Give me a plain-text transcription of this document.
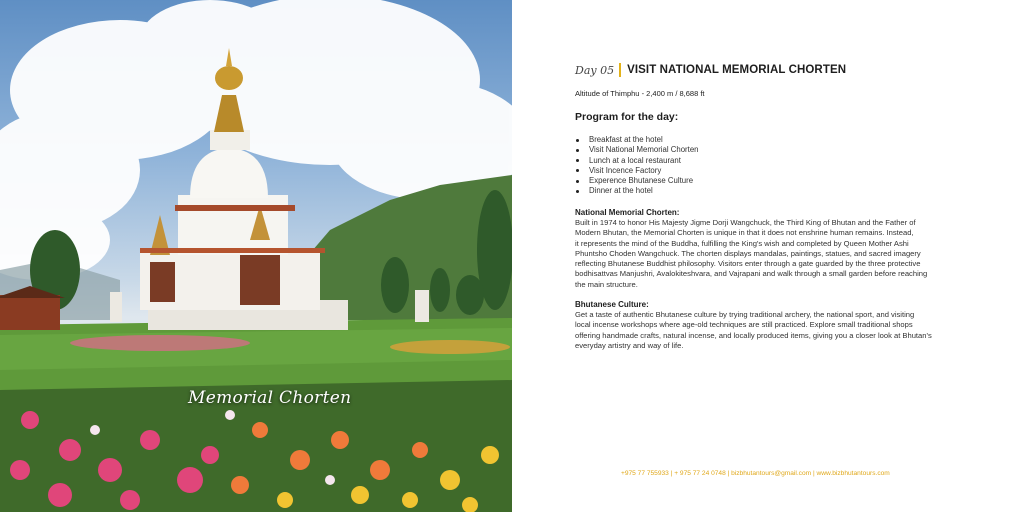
Memorial Chorten
Day 05 VISIT NATIONAL MEMORIAL CHORTEN
Altitude of Thimphu - 2,400 m / 8,688 ft
Program for the day:
Breakfast at the hotel
Visit National Memorial Chorten
Lunch at a local restaurant
Visit Incence Factory
Experence Bhutanese Culture
Dinner at the hotel
National Memorial Chorten:
Built in 1974 to honor His Majesty Jigme Dorji Wangchuck, the Third King of Bhutan and the Father of
Modern Bhutan, the Memorial Chorten is unique in that it does not enshrine human remains. Instead,
it represents the mind of the Buddha, fulfilling the King's wish and completed by Queen Mother Ashi
Phuntsho Choden Wangchuck. The chorten displays mandalas, paintings, statues, and sacred imagery
reflecting Bhutanese Buddhist philosophy. Visitors enter through a gate guarded by the three protective
bodhisattvas Manjushri, Avalokiteshvara, and Vajrapani and walk through a small garden before reaching
the main structure.
Bhutanese Culture:
Get a taste of authentic Bhutanese culture by trying traditional archery, the national sport, and visiting
local incense workshops where age-old techniques are still practiced. Explore small traditional shops
offering handmade crafts, natural incense, and locally produced items, giving you a closer look at Bhutan's
everyday artistry and way of life.
+975 77 755933 | + 975 77 24 0748 | bizbhutantours@gmail.com | www.bizbhutantours.com
